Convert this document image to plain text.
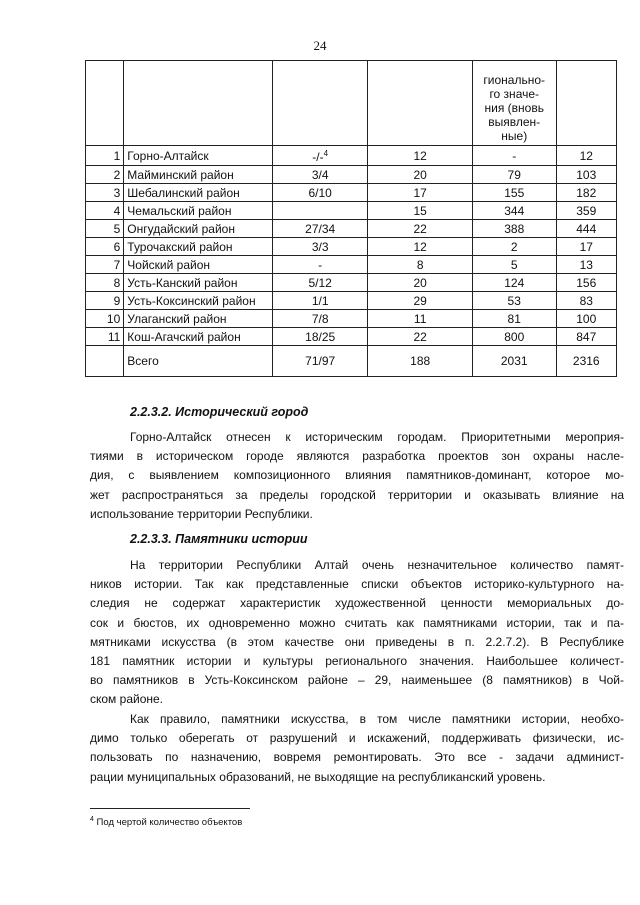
24

				гионально-
го значе-
ния (вновь
выявлен-
ные)	

1	Горно-Алтайск	-/-$^4$	12	-	12
2	Майминский район	3/4	20	79	103
3	Шебалинский район	6/10	17	155	182
4	Чемальский район		15	344	359
5	Онгудайский район	27/34	22	388	444
6	Турочакский район	3/3	12	2	17
7	Чойский район	-	8	5	13
8	Усть-Канский район	5/12	20	124	156
9	Усть-Коксинский район	1/1	29	53	83
10	Улаганский район	7/8	11	81	100
11	Кош-Агачский район	18/25	22	800	847
	Всего	71/97	188	2031	2316
2.2.3.2. Исторический город
Горно-Алтайск отнесен к историческим городам. Приоритетными мероприя-
тиями в историческом городе являются разработка проектов зон охраны насле-
дия, с выявлением композиционного влияния памятников-доминант, которое мо-
жет распространяться за пределы городской территории и оказывать влияние на
использование территории Республики.
2.2.3.3. Памятники истории
На территории Республики Алтай очень незначительное количество памят-
ников истории. Так как представленные списки объектов историко-культурного на-
следия не содержат характеристик художественной ценности мемориальных до-
сок и бюстов, их одновременно можно считать как памятниками истории, так и па-
мятниками искусства (в этом качестве они приведены в п. 2.2.7.2). В Республике
181 памятник истории и культуры регионального значения. Наибольшее количест-
во памятников в Усть-Коксинском районе – 29, наименьшее (8 памятников) в Чой-
ском районе.
Как правило, памятники искусства, в том числе памятники истории, необхо-
димо только оберегать от разрушений и искажений, поддерживать физически, ис-
пользовать по назначению, вовремя ремонтировать. Это все - задачи админист-
рации муниципальных образований, не выходящие на республиканский уровень.
$^4$ Под чертой количество объектов
